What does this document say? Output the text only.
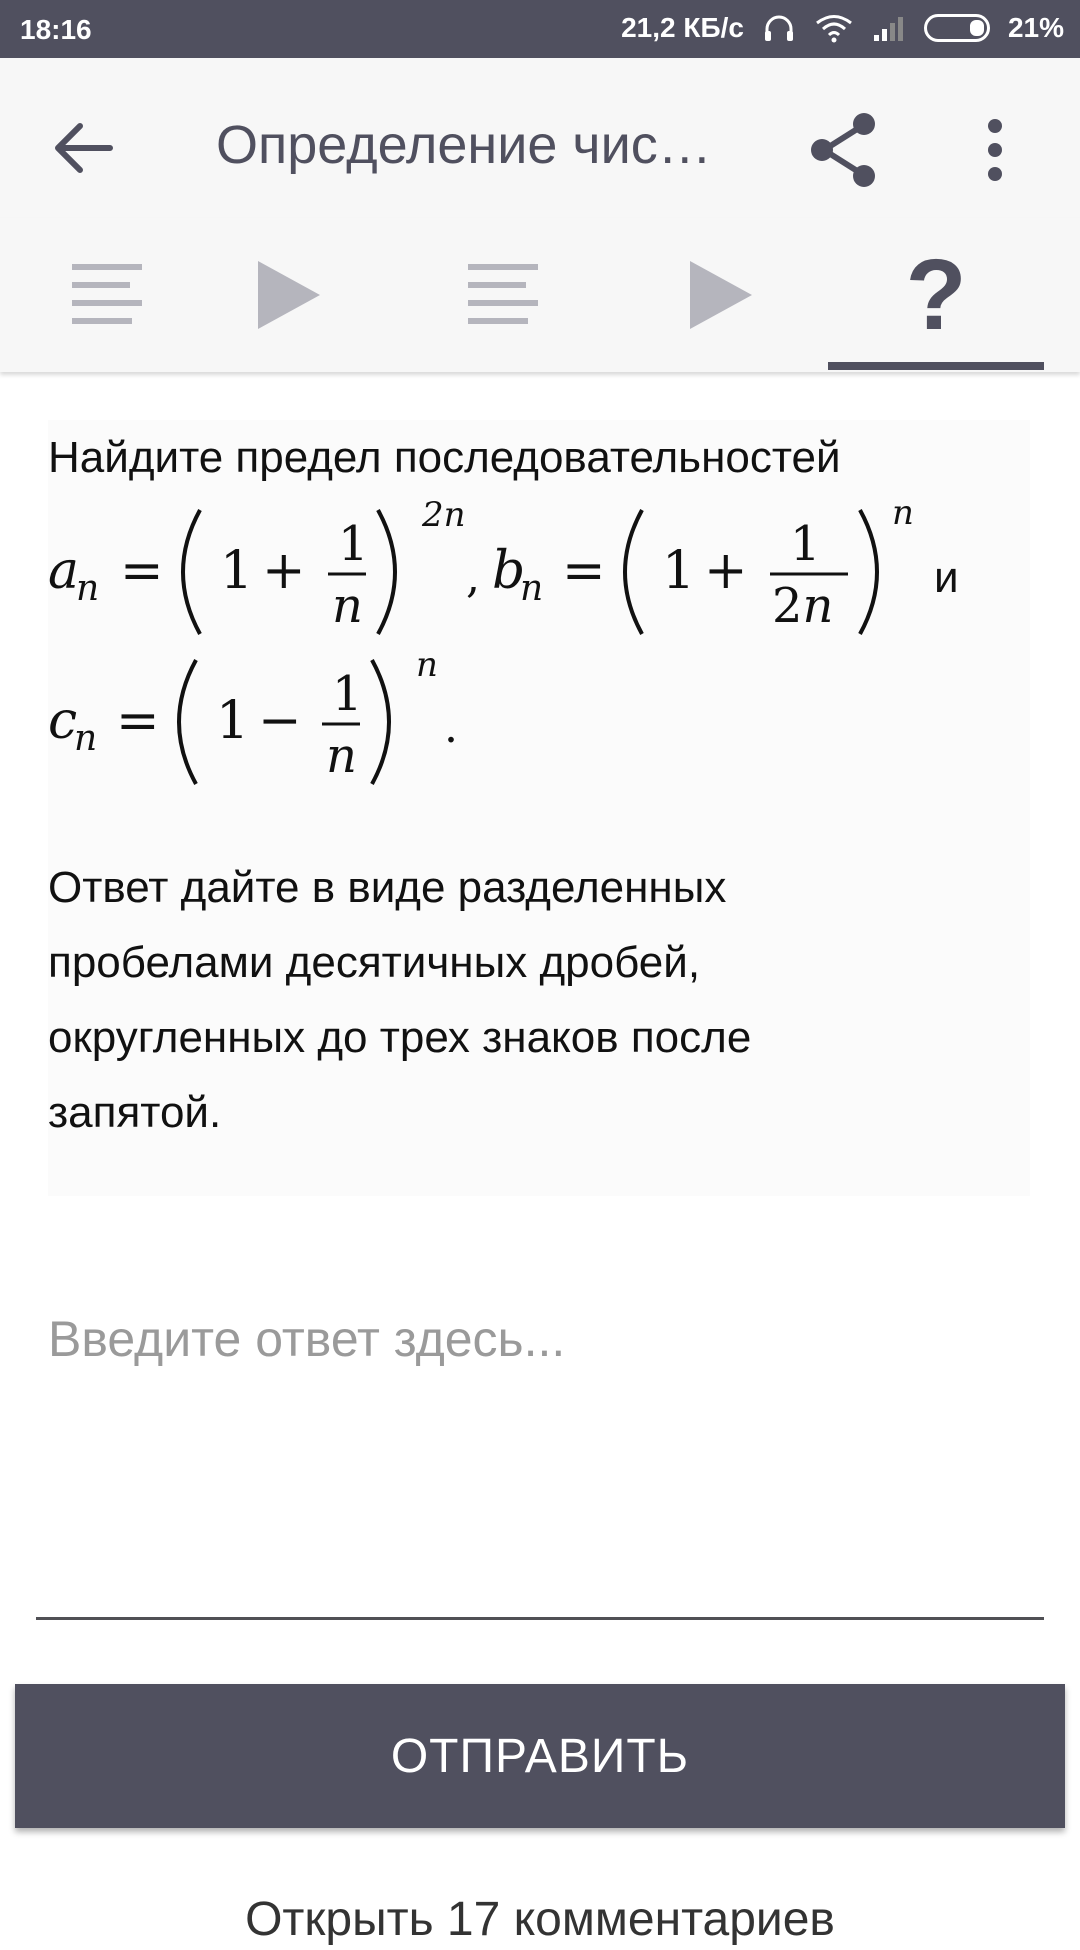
18:16	21,2 КБ/с	21%
Определение чис…
?
Найдите предел последовательностей
a
n = 1 + 1
n
2n
, b
n = 1 + 1
2n
n
и
c
n = 1 − 1
n
n
.
Ответ дайте в виде разделенных пробелами десятичных дробей, округленных до трех знаков после запятой.
Введите ответ здесь...
ОТПРАВИТЬ
Открыть 17 комментариев
